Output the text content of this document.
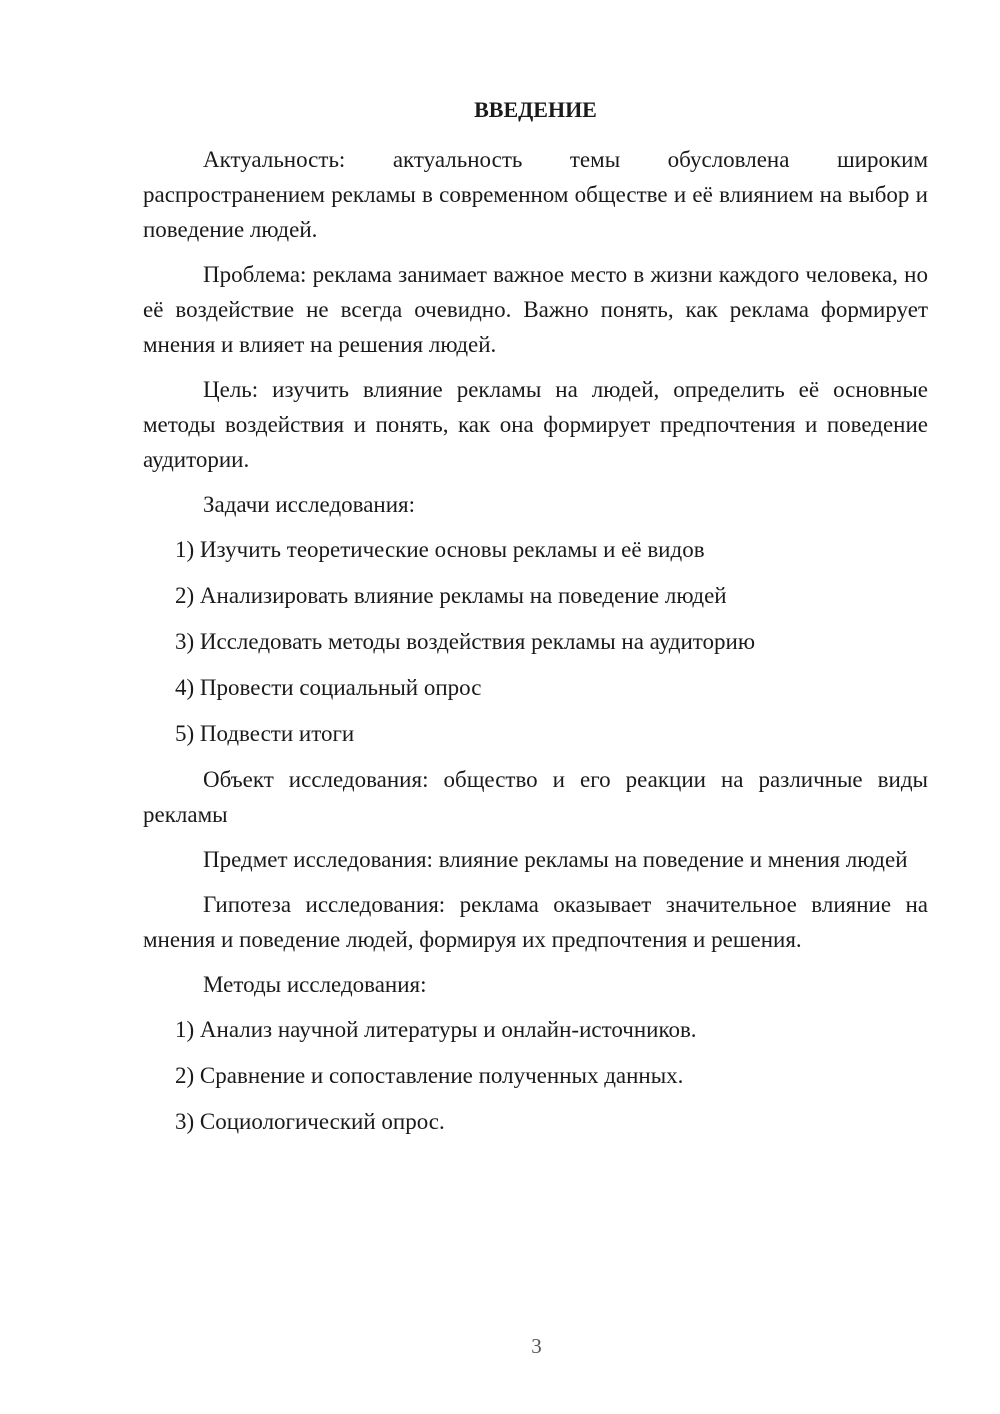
ВВЕДЕНИЕ

Актуальность: актуальность темы обусловлена широким распространением рекламы в современном обществе и её влиянием на выбор и поведение людей.

Проблема: реклама занимает важное место в жизни каждого человека, но её воздействие не всегда очевидно. Важно понять, как реклама формирует мнения и влияет на решения людей.

Цель: изучить влияние рекламы на людей, определить её основные методы воздействия и понять, как она формирует предпочтения и поведение аудитории.

Задачи исследования:

1) Изучить теоретические основы рекламы и её видов
2) Анализировать влияние рекламы на поведение людей
3) Исследовать методы воздействия рекламы на аудиторию
4) Провести социальный опрос
5) Подвести итоги

Объект исследования: общество и его реакции на различные виды рекламы

Предмет исследования: влияние рекламы на поведение и мнения людей

Гипотеза исследования: реклама оказывает значительное влияние на мнения и поведение людей, формируя их предпочтения и решения.

Методы исследования:

1) Анализ научной литературы и онлайн-источников.
2) Сравнение и сопоставление полученных данных.
3) Социологический опрос.
3
